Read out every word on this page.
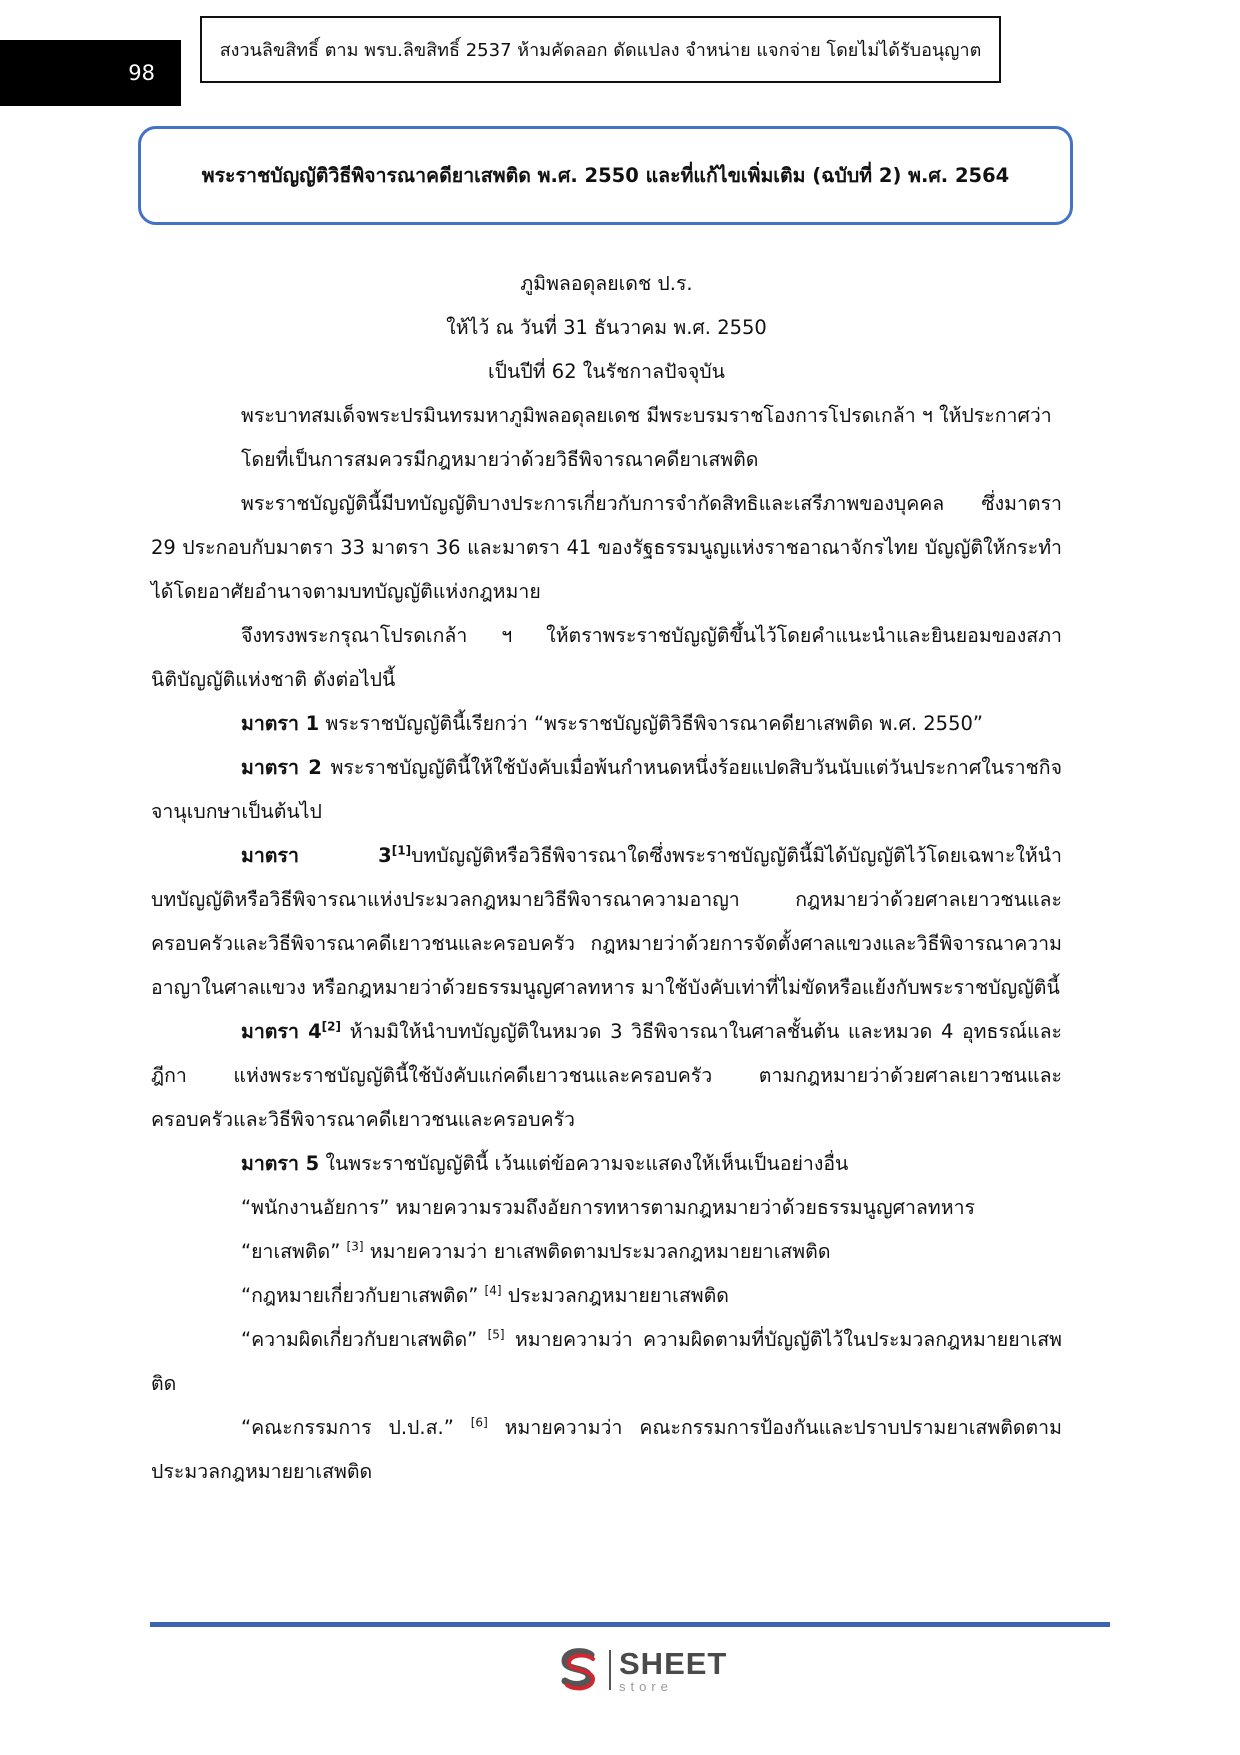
98
สงวนลิขสิทธิ์ ตาม พรบ.ลิขสิทธิ์ 2537 ห้ามคัดลอก ดัดแปลง จำหน่าย แจกจ่าย โดยไม่ได้รับอนุญาต
พระราชบัญญัติวิธีพิจารณาคดียาเสพติด พ.ศ. 2550 และที่แก้ไขเพิ่มเติม (ฉบับที่ 2) พ.ศ. 2564
ภูมิพลอดุลยเดช ป.ร.
ให้ไว้ ณ วันที่ 31 ธันวาคม พ.ศ. 2550
เป็นปีที่ 62 ในรัชกาลปัจจุบัน
พระบาทสมเด็จพระปรมินทรมหาภูมิพลอดุลยเดช มีพระบรมราชโองการโปรดเกล้า ฯ ให้ประกาศว่า
โดยที่เป็นการสมควรมีกฎหมายว่าด้วยวิธีพิจารณาคดียาเสพติด
พระราชบัญญัตินี้มีบทบัญญัติบางประการเกี่ยวกับการจำกัดสิทธิและเสรีภาพของบุคคล ซึ่งมาตรา 29 ประกอบกับมาตรา 33 มาตรา 36 และมาตรา 41 ของรัฐธรรมนูญแห่งราชอาณาจักรไทย บัญญัติให้กระทำได้โดยอาศัยอำนาจตามบทบัญญัติแห่งกฎหมาย
จึงทรงพระกรุณาโปรดเกล้า ฯ ให้ตราพระราชบัญญัติขึ้นไว้โดยคำแนะนำและยินยอมของสภานิติบัญญัติแห่งชาติ ดังต่อไปนี้
มาตรา 1 พระราชบัญญัตินี้เรียกว่า “พระราชบัญญัติวิธีพิจารณาคดียาเสพติด พ.ศ. 2550”
มาตรา 2 พระราชบัญญัตินี้ให้ใช้บังคับเมื่อพ้นกำหนดหนึ่งร้อยแปดสิบวันนับแต่วันประกาศในราชกิจจานุเบกษาเป็นต้นไป
มาตรา 3[1]บทบัญญัติหรือวิธีพิจารณาใดซึ่งพระราชบัญญัตินี้มิได้บัญญัติไว้โดยเฉพาะให้นำบทบัญญัติหรือวิธีพิจารณาแห่งประมวลกฎหมายวิธีพิจารณาความอาญา กฎหมายว่าด้วยศาลเยาวชนและครอบครัวและวิธีพิจารณาคดีเยาวชนและครอบครัว กฎหมายว่าด้วยการจัดตั้งศาลแขวงและวิธีพิจารณาความอาญาในศาลแขวง หรือกฎหมายว่าด้วยธรรมนูญศาลทหาร มาใช้บังคับเท่าที่ไม่ขัดหรือแย้งกับพระราชบัญญัตินี้
มาตรา 4[2] ห้ามมิให้นำบทบัญญัติในหมวด 3 วิธีพิจารณาในศาลชั้นต้น และหมวด 4 อุทธรณ์และฎีกา แห่งพระราชบัญญัตินี้ใช้บังคับแก่คดีเยาวชนและครอบครัว ตามกฎหมายว่าด้วยศาลเยาวชนและครอบครัวและวิธีพิจารณาคดีเยาวชนและครอบครัว
มาตรา 5 ในพระราชบัญญัตินี้ เว้นแต่ข้อความจะแสดงให้เห็นเป็นอย่างอื่น
“พนักงานอัยการ” หมายความรวมถึงอัยการทหารตามกฎหมายว่าด้วยธรรมนูญศาลทหาร
“ยาเสพติด” [3] หมายความว่า ยาเสพติดตามประมวลกฎหมายยาเสพติด
“กฎหมายเกี่ยวกับยาเสพติด” [4] ประมวลกฎหมายยาเสพติด
“ความผิดเกี่ยวกับยาเสพติด” [5] หมายความว่า ความผิดตามที่บัญญัติไว้ในประมวลกฎหมายยาเสพติด
“คณะกรรมการ ป.ป.ส.” [6] หมายความว่า คณะกรรมการป้องกันและปราบปรามยาเสพติดตามประมวลกฎหมายยาเสพติด
SHEET
store
